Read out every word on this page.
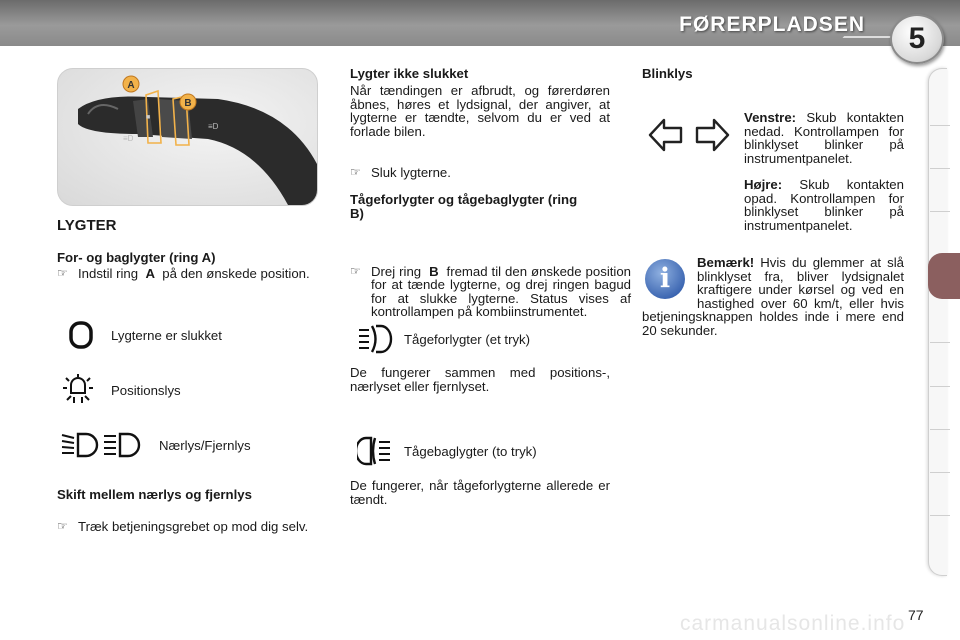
FØRERPLADSEN	5
A
B
■
≡D
≡D
LYGTER
For- og baglygter (ring A)
☞ Indstil ring A på den ønskede position.
Lygterne er slukket
Positionslys
Nærlys/Fjernlys
Skift mellem nærlys og fjernlys
☞ Træk betjeningsgrebet op mod dig selv.
Lygter ikke slukket
Når tændingen er afbrudt, og førerdøren åbnes, høres et lydsignal, der angiver, at lygterne er tændte, selvom du er ved at forlade bilen.
☞ Sluk lygterne.
Tågeforlygter og tågebaglygter (ring B)
☞ Drej ring B fremad til den ønskede position for at tænde lygterne, og drej ringen bagud for at slukke lygterne. Status vises af kontrollampen på kombiinstrumentet.
Tågeforlygter (et tryk)
De fungerer sammen med positions-, nærlyset eller fjernlyset.
Tågebaglygter (to tryk)
De fungerer, når tågeforlygterne allerede er tændt.
Blinklys
Venstre: Skub kontakten nedad. Kontrollampen for blinklyset blinker på instrumentpanelet.
Højre: Skub kontakten opad. Kontrollampen for blinklyset blinker på instrumentpanelet.
i
Bemærk! Hvis du glemmer at slå blinklyset fra, bliver lydsignalet kraftigere under kørsel og ved en hastighed over 60 km/t, eller hvis betjeningsknappen holdes inde i mere end 20 sekunder.
carmanualsonline.info 77
